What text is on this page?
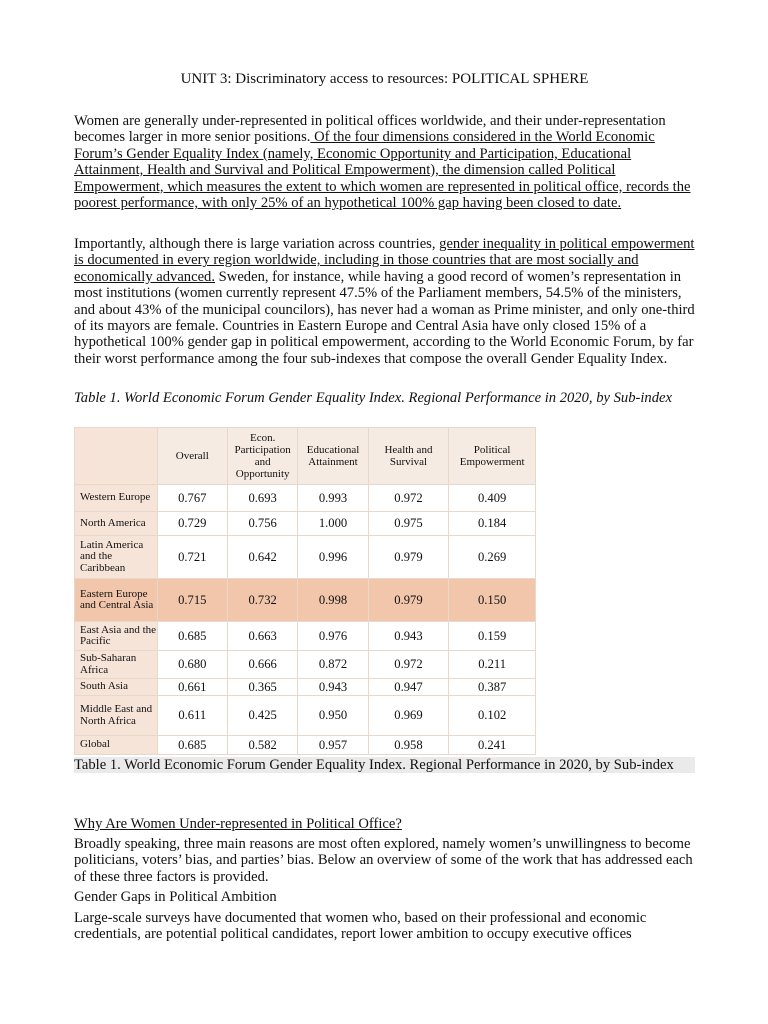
UNIT 3: Discriminatory access to resources: POLITICAL SPHERE
Women are generally under-represented in political offices worldwide, and their under-representation becomes larger in more senior positions. Of the four dimensions considered in the World Economic Forum’s Gender Equality Index (namely, Economic Opportunity and Participation, Educational Attainment, Health and Survival and Political Empowerment), the dimension called Political Empowerment, which measures the extent to which women are represented in political office, records the poorest performance, with only 25% of an hypothetical 100% gap having been closed to date.
Importantly, although there is large variation across countries, gender inequality in political empowerment is documented in every region worldwide, including in those countries that are most socially and economically advanced. Sweden, for instance, while having a good record of women’s representation in most institutions (women currently represent 47.5% of the Parliament members, 54.5% of the ministers, and about 43% of the municipal councilors), has never had a woman as Prime minister, and only one-third of its mayors are female. Countries in Eastern Europe and Central Asia have only closed 15% of a hypothetical 100% gender gap in political empowerment, according to the World Economic Forum, by far their worst performance among the four sub-indexes that compose the overall Gender Equality Index.
Table 1. World Economic Forum Gender Equality Index. Regional Performance in 2020, by Sub-index
	Overall	Econ. Participation and Opportunity	Educational Attainment	Health and Survival	Political Empowerment
Western Europe	0.767	0.693	0.993	0.972	0.409
North America	0.729	0.756	1.000	0.975	0.184
Latin America and the Caribbean	0.721	0.642	0.996	0.979	0.269
Eastern Europe and Central Asia	0.715	0.732	0.998	0.979	0.150
East Asia and the Pacific	0.685	0.663	0.976	0.943	0.159
Sub-Saharan Africa	0.680	0.666	0.872	0.972	0.211
South Asia	0.661	0.365	0.943	0.947	0.387
Middle East and North Africa	0.611	0.425	0.950	0.969	0.102
Global	0.685	0.582	0.957	0.958	0.241
Table 1. World Economic Forum Gender Equality Index. Regional Performance in 2020, by Sub-index
Why Are Women Under-represented in Political Office?
Broadly speaking, three main reasons are most often explored, namely women’s unwillingness to become politicians, voters’ bias, and parties’ bias. Below an overview of some of the work that has addressed each of these three factors is provided.
Gender Gaps in Political Ambition
Large-scale surveys have documented that women who, based on their professional and economic credentials, are potential political candidates, report lower ambition to occupy executive offices
